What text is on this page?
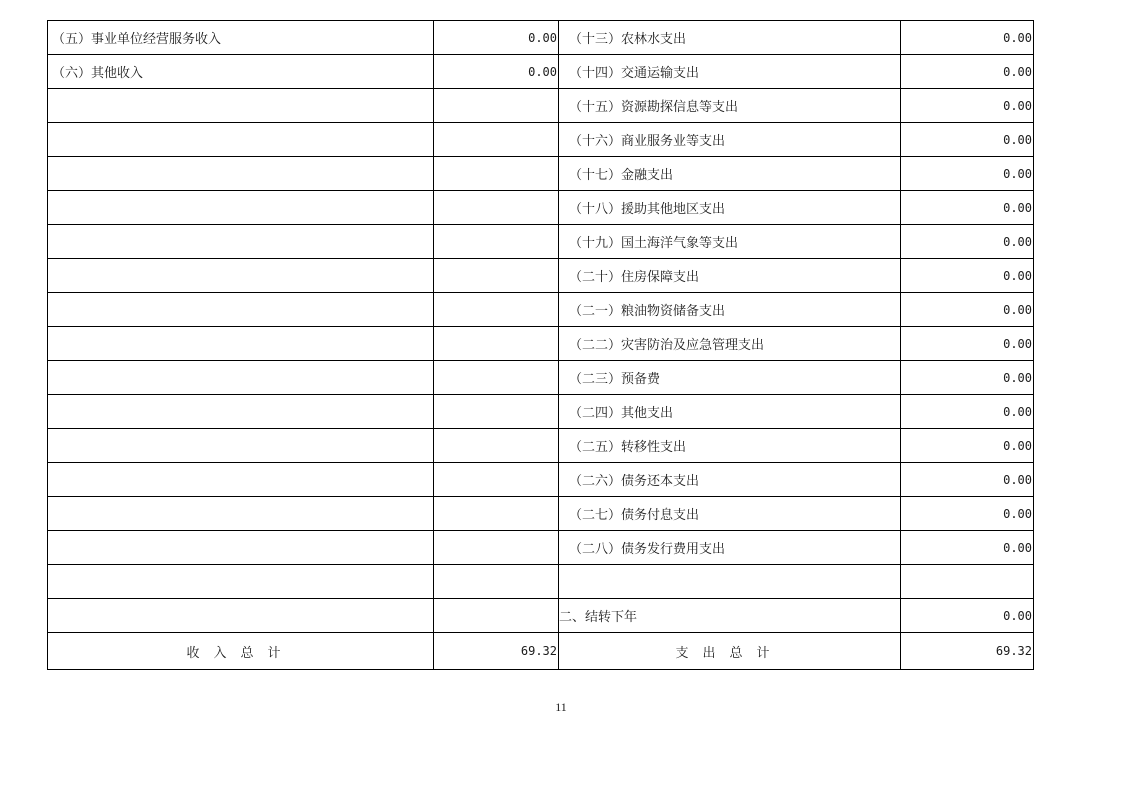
（五）事业单位经营服务收入	0.00	（十三）农林水支出	0.00
（六）其他收入	0.00	（十四）交通运输支出	0.00
		（十五）资源勘探信息等支出	0.00
		（十六）商业服务业等支出	0.00
		（十七）金融支出	0.00
		（十八）援助其他地区支出	0.00
		（十九）国土海洋气象等支出	0.00
		（二十）住房保障支出	0.00
		（二一）粮油物资储备支出	0.00
		（二二）灾害防治及应急管理支出	0.00
		（二三）预备费	0.00
		（二四）其他支出	0.00
		（二五）转移性支出	0.00
		（二六）债务还本支出	0.00
		（二七）债务付息支出	0.00
		（二八）债务发行费用支出	0.00

		二、结转下年	0.00
收入总计	69.32	支出总计	69.32
11
